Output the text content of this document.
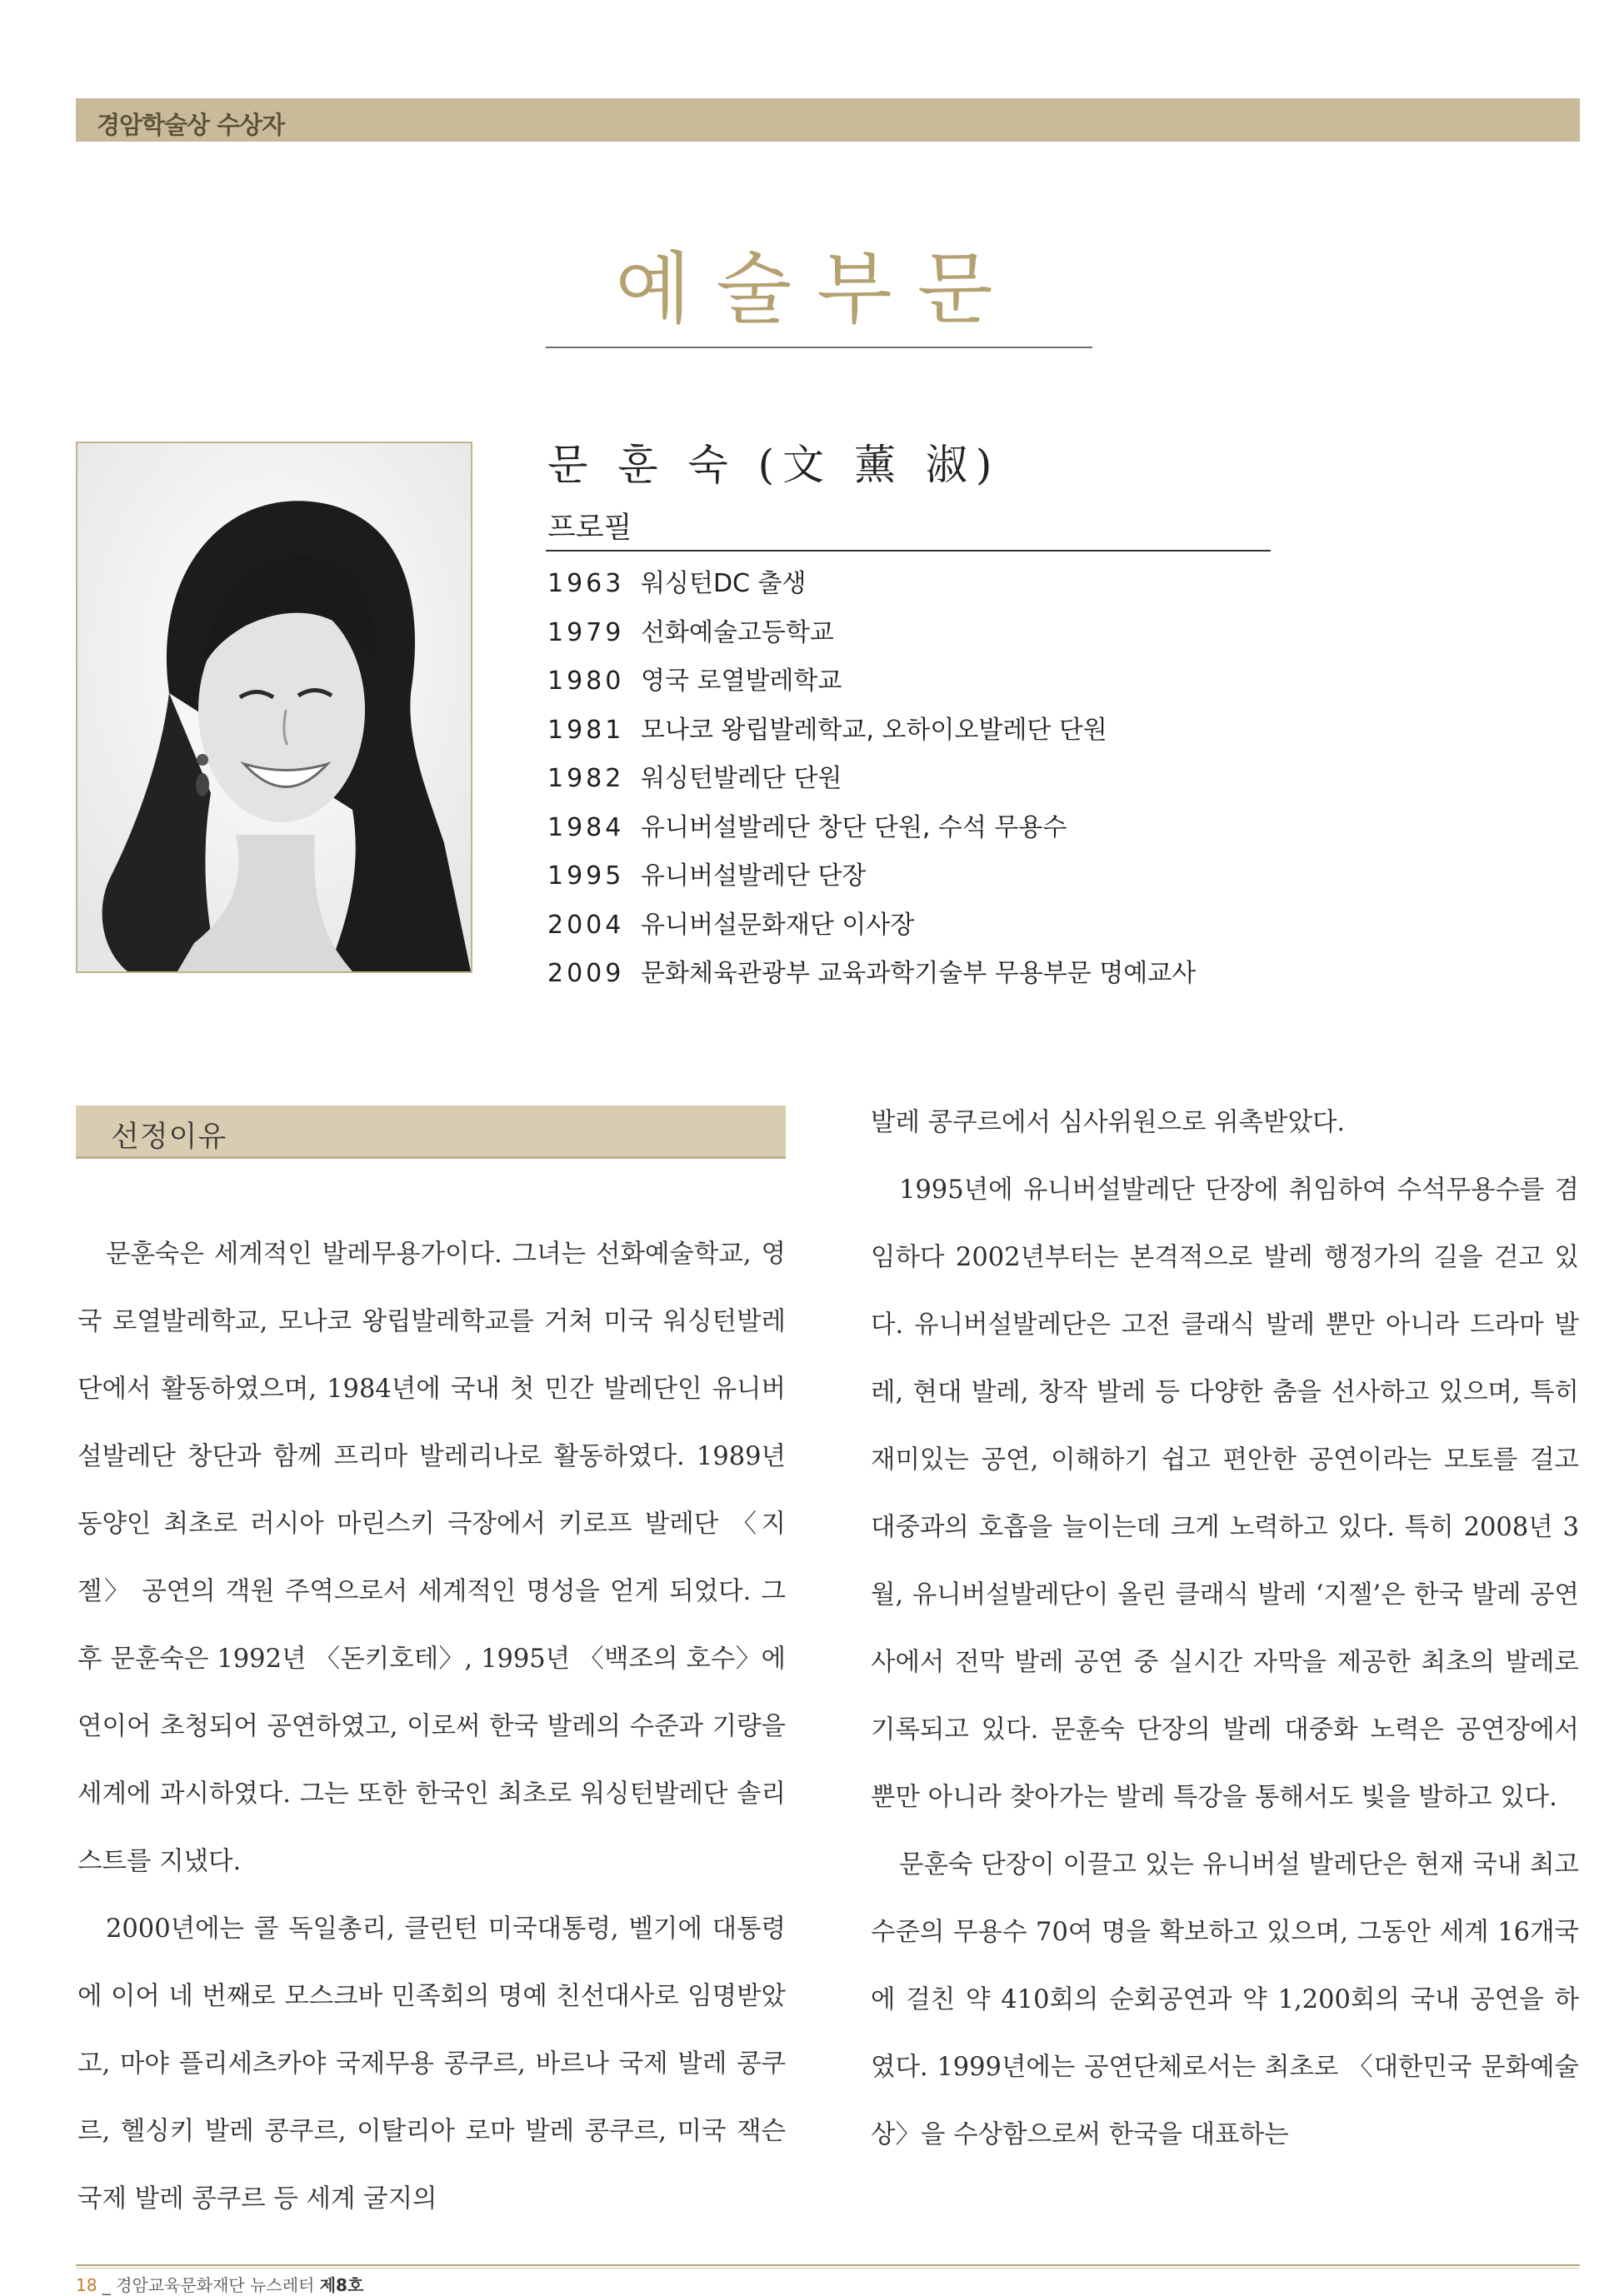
경암학술상 수상자
예술부문
문 훈 숙 (文 薰 淑)
프로필
1963 워싱턴DC 출생
1979 선화예술고등학교
1980 영국 로열발레학교
1981 모나코 왕립발레학교, 오하이오발레단 단원
1982 워싱턴발레단 단원
1984 유니버설발레단 창단 단원, 수석 무용수
1995 유니버설발레단 단장
2004 유니버설문화재단 이사장
2009 문화체육관광부 교육과학기술부 무용부문 명예교사
선정이유

문훈숙은 세계적인 발레무용가이다. 그녀는 선화예술학교, 영국 로열발레학교, 모나코 왕립발레학교를 거쳐 미국 워싱턴발레단에서 활동하였으며, 1984년에 국내 첫 민간 발레단인 유니버설발레단 창단과 함께 프리마 발레리나로 활동하였다. 1989년 동양인 최초로 러시아 마린스키 극장에서 키로프 발레단 〈지젤〉 공연의 객원 주역으로서 세계적인 명성을 얻게 되었다. 그 후 문훈숙은 1992년 〈돈키호테〉, 1995년 〈백조의 호수〉에 연이어 초청되어 공연하였고, 이로써 한국 발레의 수준과 기량을 세계에 과시하였다. 그는 또한 한국인 최초로 워싱턴발레단 솔리스트를 지냈다.

2000년에는 콜 독일총리, 클린턴 미국대통령, 벨기에 대통령에 이어 네 번째로 모스크바 민족회의 명예 친선대사로 임명받았고, 마야 플리세츠카야 국제무용 콩쿠르, 바르나 국제 발레 콩쿠르, 헬싱키 발레 콩쿠르, 이탈리아 로마 발레 콩쿠르, 미국 잭슨 국제 발레 콩쿠르 등 세계 굴지의

발레 콩쿠르에서 심사위원으로 위촉받았다.

1995년에 유니버설발레단 단장에 취임하여 수석무용수를 겸임하다 2002년부터는 본격적으로 발레 행정가의 길을 걷고 있다. 유니버설발레단은 고전 클래식 발레 뿐만 아니라 드라마 발레, 현대 발레, 창작 발레 등 다양한 춤을 선사하고 있으며, 특히 재미있는 공연, 이해하기 쉽고 편안한 공연이라는 모토를 걸고 대중과의 호흡을 늘이는데 크게 노력하고 있다. 특히 2008년 3월, 유니버설발레단이 올린 클래식 발레 ‘지젤’은 한국 발레 공연사에서 전막 발레 공연 중 실시간 자막을 제공한 최초의 발레로 기록되고 있다. 문훈숙 단장의 발레 대중화 노력은 공연장에서 뿐만 아니라 찾아가는 발레 특강을 통해서도 빛을 발하고 있다.

문훈숙 단장이 이끌고 있는 유니버설 발레단은 현재 국내 최고수준의 무용수 70여 명을 확보하고 있으며, 그동안 세계 16개국에 걸친 약 410회의 순회공연과 약 1,200회의 국내 공연을 하였다. 1999년에는 공연단체로서는 최초로 〈대한민국 문화예술상〉을 수상함으로써 한국을 대표하는

18 _ 경암교육문화재단 뉴스레터 제8호
